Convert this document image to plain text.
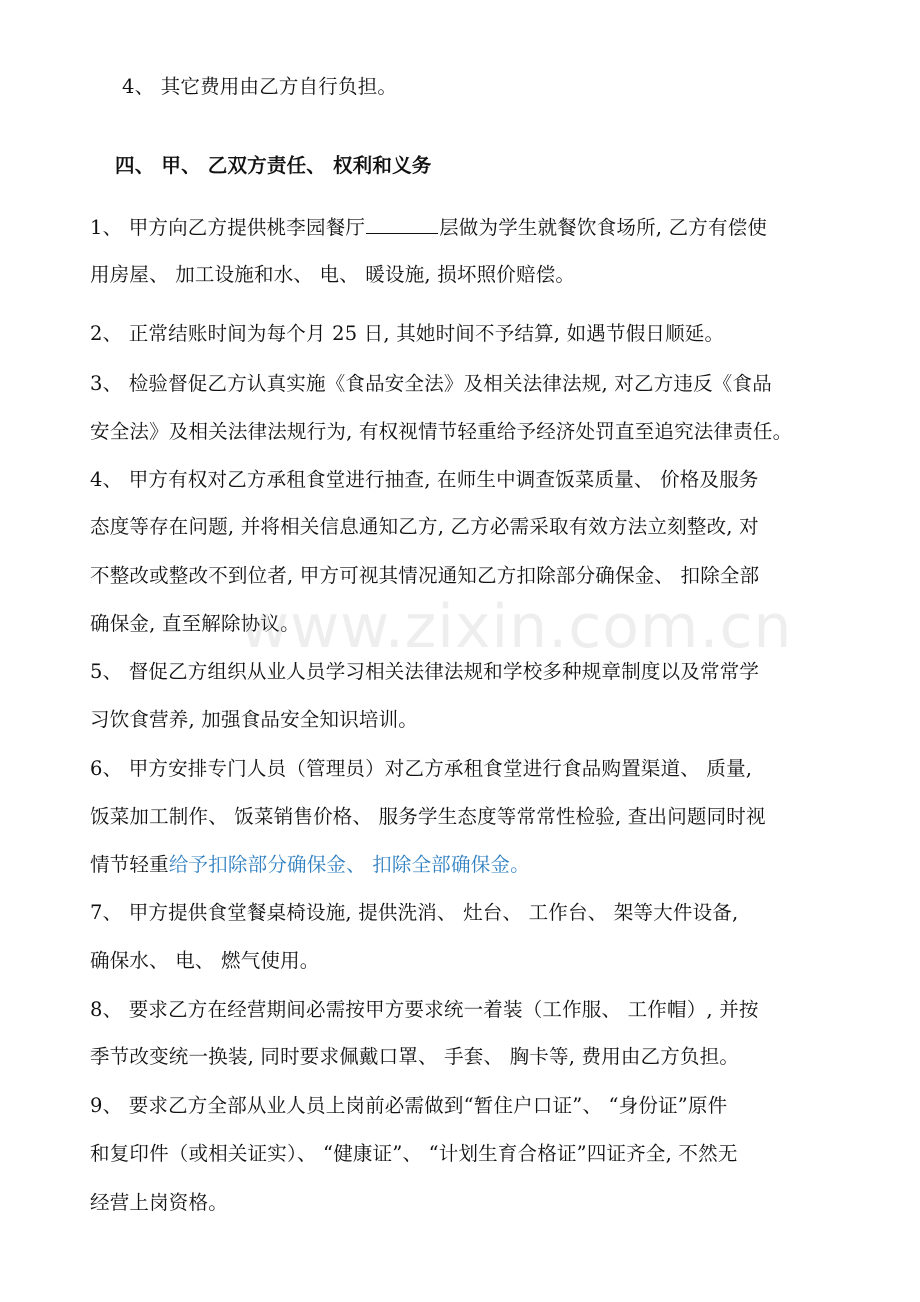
4、 其它费用由乙方自行负担。
四、 甲、 乙双方责任、 权利和义务
1、 甲方向乙方提供桃李园餐厅	层做为学生就餐饮食场所, 乙方有偿使
用房屋、 加工设施和水、 电、 暖设施, 损坏照价赔偿。
2、 正常结账时间为每个月 25 日, 其她时间不予结算, 如遇节假日顺延。
3、 检验督促乙方认真实施《食品安全法》及相关法律法规, 对乙方违反《食品
安全法》及相关法律法规行为, 有权视情节轻重给予经济处罚直至追究法律责任。
4、 甲方有权对乙方承租食堂进行抽查, 在师生中调查饭菜质量、 价格及服务
态度等存在问题, 并将相关信息通知乙方, 乙方必需采取有效方法立刻整改, 对
不整改或整改不到位者, 甲方可视其情况通知乙方扣除部分确保金、 扣除全部
确保金, 直至解除协议。
5、 督促乙方组织从业人员学习相关法律法规和学校多种规章制度以及常常学
习饮食营养, 加强食品安全知识培训。
6、 甲方安排专门人员（管理员）对乙方承租食堂进行食品购置渠道、 质量,
饭菜加工制作、 饭菜销售价格、 服务学生态度等常常性检验, 查出问题同时视
情节轻重给予扣除部分确保金、 扣除全部确保金。
7、 甲方提供食堂餐桌椅设施, 提供洗消、 灶台、 工作台、 架等大件设备,
确保水、 电、 燃气使用。
8、 要求乙方在经营期间必需按甲方要求统一着装（工作服、 工作帽）, 并按
季节改变统一换装, 同时要求佩戴口罩、 手套、 胸卡等, 费用由乙方负担。
9、 要求乙方全部从业人员上岗前必需做到“暂住户口证”、 “身份证”原件
和复印件（或相关证实）、 “健康证”、 “计划生育合格证”四证齐全, 不然无
经营上岗资格。
www.zixin.com.cn
